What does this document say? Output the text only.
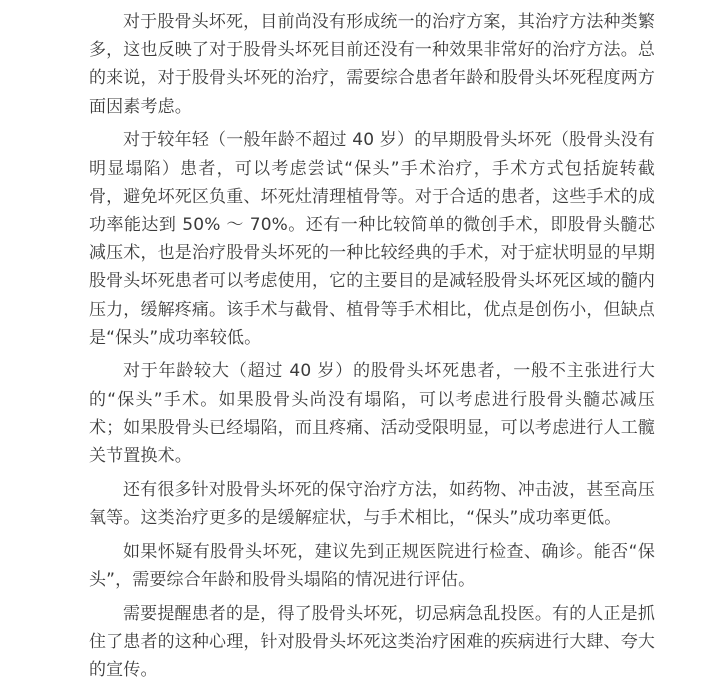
对于股骨头坏死，目前尚没有形成统一的治疗方案，其治疗方法种类繁多，这也反映了对于股骨头坏死目前还没有一种效果非常好的治疗方法。总的来说，对于股骨头坏死的治疗，需要综合患者年龄和股骨头坏死程度两方面因素考虑。

对于较年轻（一般年龄不超过 40 岁）的早期股骨头坏死（股骨头没有明显塌陷）患者，可以考虑尝试“保头”手术治疗，手术方式包括旋转截骨，避免坏死区负重、坏死灶清理植骨等。对于合适的患者，这些手术的成功率能达到 50% ～ 70%。还有一种比较简单的微创手术，即股骨头髓芯减压术，也是治疗股骨头坏死的一种比较经典的手术，对于症状明显的早期股骨头坏死患者可以考虑使用，它的主要目的是减轻股骨头坏死区域的髓内压力，缓解疼痛。该手术与截骨、植骨等手术相比，优点是创伤小，但缺点是“保头”成功率较低。

对于年龄较大（超过 40 岁）的股骨头坏死患者，一般不主张进行大的“保头”手术。如果股骨头尚没有塌陷，可以考虑进行股骨头髓芯减压术；如果股骨头已经塌陷，而且疼痛、活动受限明显，可以考虑进行人工髋关节置换术。

还有很多针对股骨头坏死的保守治疗方法，如药物、冲击波，甚至高压氧等。这类治疗更多的是缓解症状，与手术相比，“保头”成功率更低。

如果怀疑有股骨头坏死，建议先到正规医院进行检查、确诊。能否“保头”，需要综合年龄和股骨头塌陷的情况进行评估。

需要提醒患者的是，得了股骨头坏死，切忌病急乱投医。有的人正是抓住了患者的这种心理，针对股骨头坏死这类治疗困难的疾病进行大肆、夸大的宣传。
